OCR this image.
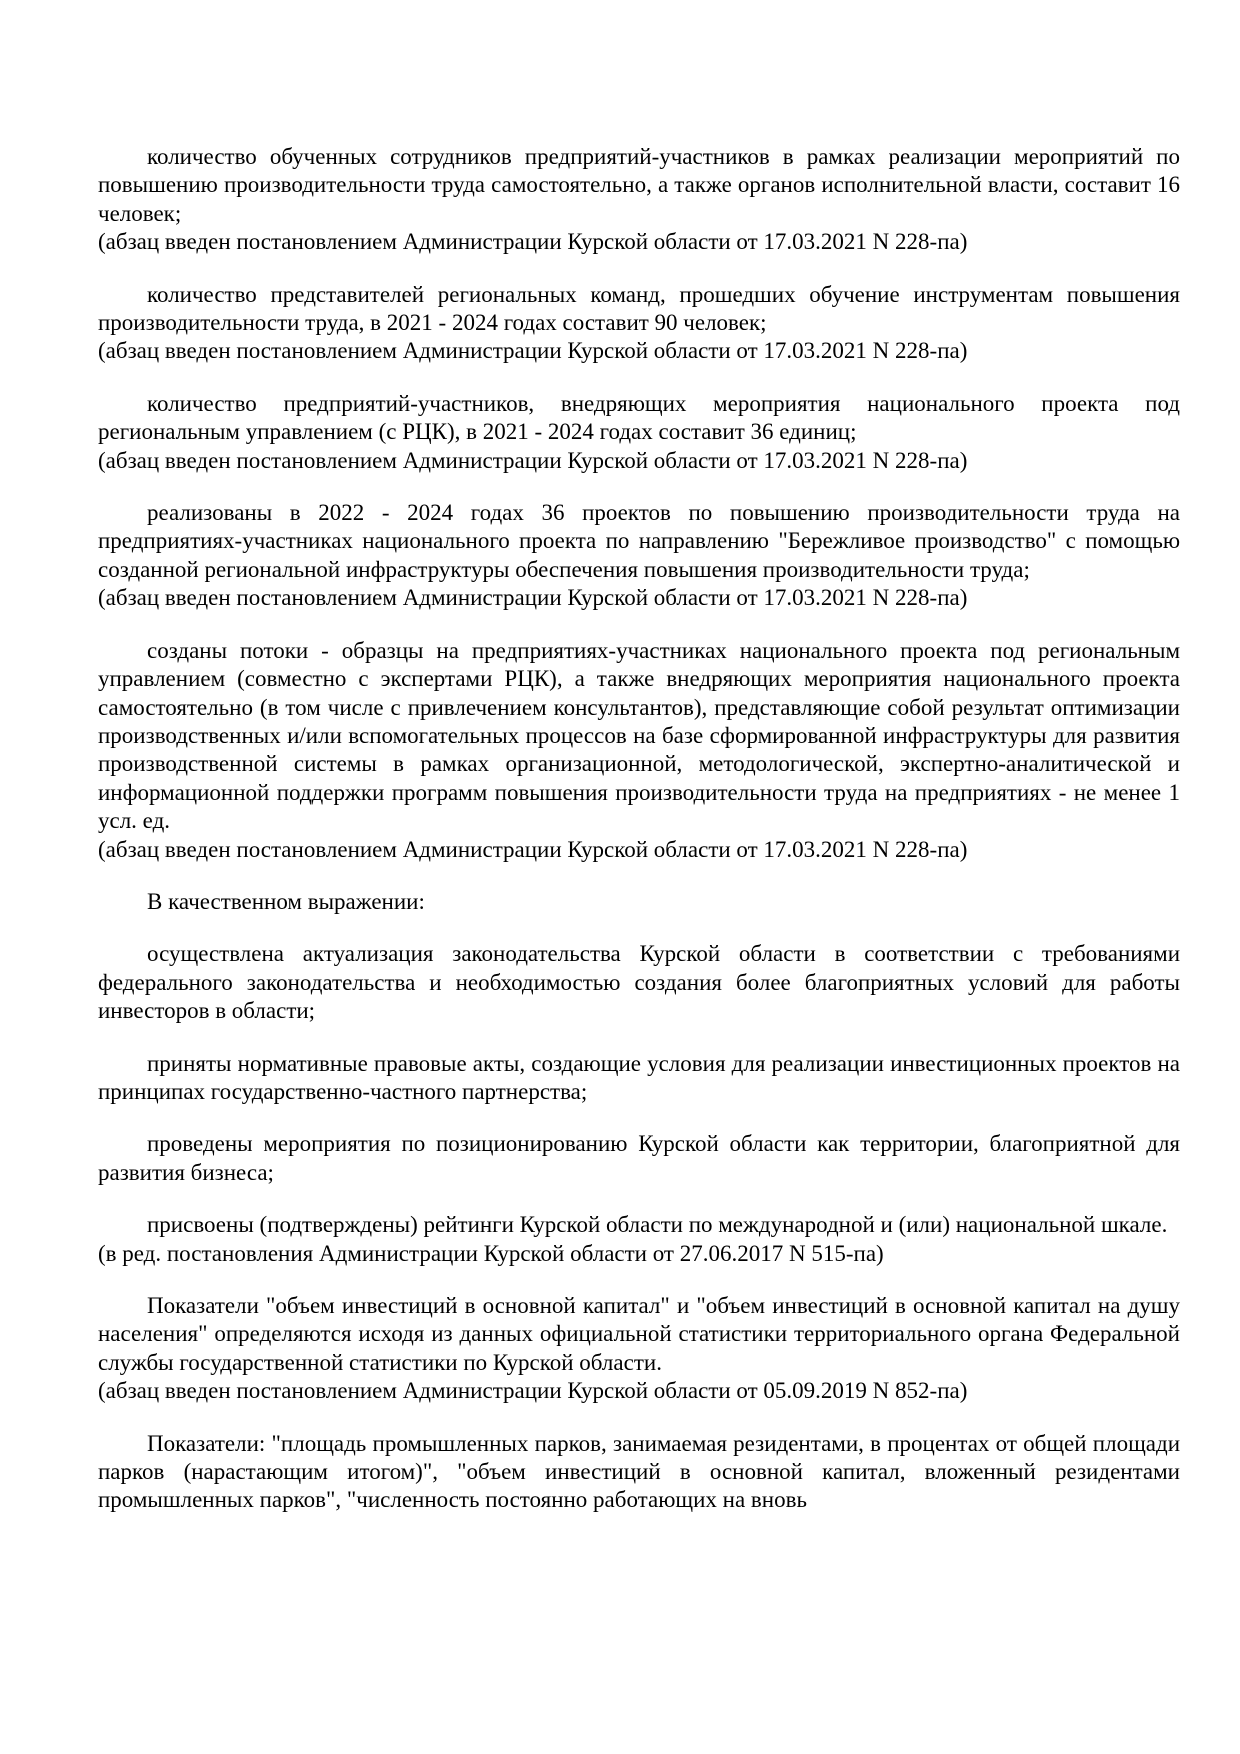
количество обученных сотрудников предприятий-участников в рамках реализации мероприятий по повышению производительности труда самостоятельно, а также органов исполнительной власти, составит 16 человек;

(абзац введен постановлением Администрации Курской области от 17.03.2021 N 228-па)

количество представителей региональных команд, прошедших обучение инструментам повышения производительности труда, в 2021 - 2024 годах составит 90 человек;

(абзац введен постановлением Администрации Курской области от 17.03.2021 N 228-па)

количество предприятий-участников, внедряющих мероприятия национального проекта под региональным управлением (с РЦК), в 2021 - 2024 годах составит 36 единиц;

(абзац введен постановлением Администрации Курской области от 17.03.2021 N 228-па)

реализованы в 2022 - 2024 годах 36 проектов по повышению производительности труда на предприятиях-участниках национального проекта по направлению "Бережливое производство" с помощью созданной региональной инфраструктуры обеспечения повышения производительности труда;

(абзац введен постановлением Администрации Курской области от 17.03.2021 N 228-па)

созданы потоки - образцы на предприятиях-участниках национального проекта под региональным управлением (совместно с экспертами РЦК), а также внедряющих мероприятия национального проекта самостоятельно (в том числе с привлечением консультантов), представляющие собой результат оптимизации производственных и/или вспомогательных процессов на базе сформированной инфраструктуры для развития производственной системы в рамках организационной, методологической, экспертно-аналитической и информационной поддержки программ повышения производительности труда на предприятиях - не менее 1 усл. ед.

(абзац введен постановлением Администрации Курской области от 17.03.2021 N 228-па)

В качественном выражении:

осуществлена актуализация законодательства Курской области в соответствии с требованиями федерального законодательства и необходимостью создания более благоприятных условий для работы инвесторов в области;

приняты нормативные правовые акты, создающие условия для реализации инвестиционных проектов на принципах государственно-частного партнерства;

проведены мероприятия по позиционированию Курской области как территории, благоприятной для развития бизнеса;

присвоены (подтверждены) рейтинги Курской области по международной и (или) национальной шкале.

(в ред. постановления Администрации Курской области от 27.06.2017 N 515-па)

Показатели "объем инвестиций в основной капитал" и "объем инвестиций в основной капитал на душу населения" определяются исходя из данных официальной статистики территориального органа Федеральной службы государственной статистики по Курской области.

(абзац введен постановлением Администрации Курской области от 05.09.2019 N 852-па)

Показатели: "площадь промышленных парков, занимаемая резидентами, в процентах от общей площади парков (нарастающим итогом)", "объем инвестиций в основной капитал, вложенный резидентами промышленных парков", "численность постоянно работающих на вновь
